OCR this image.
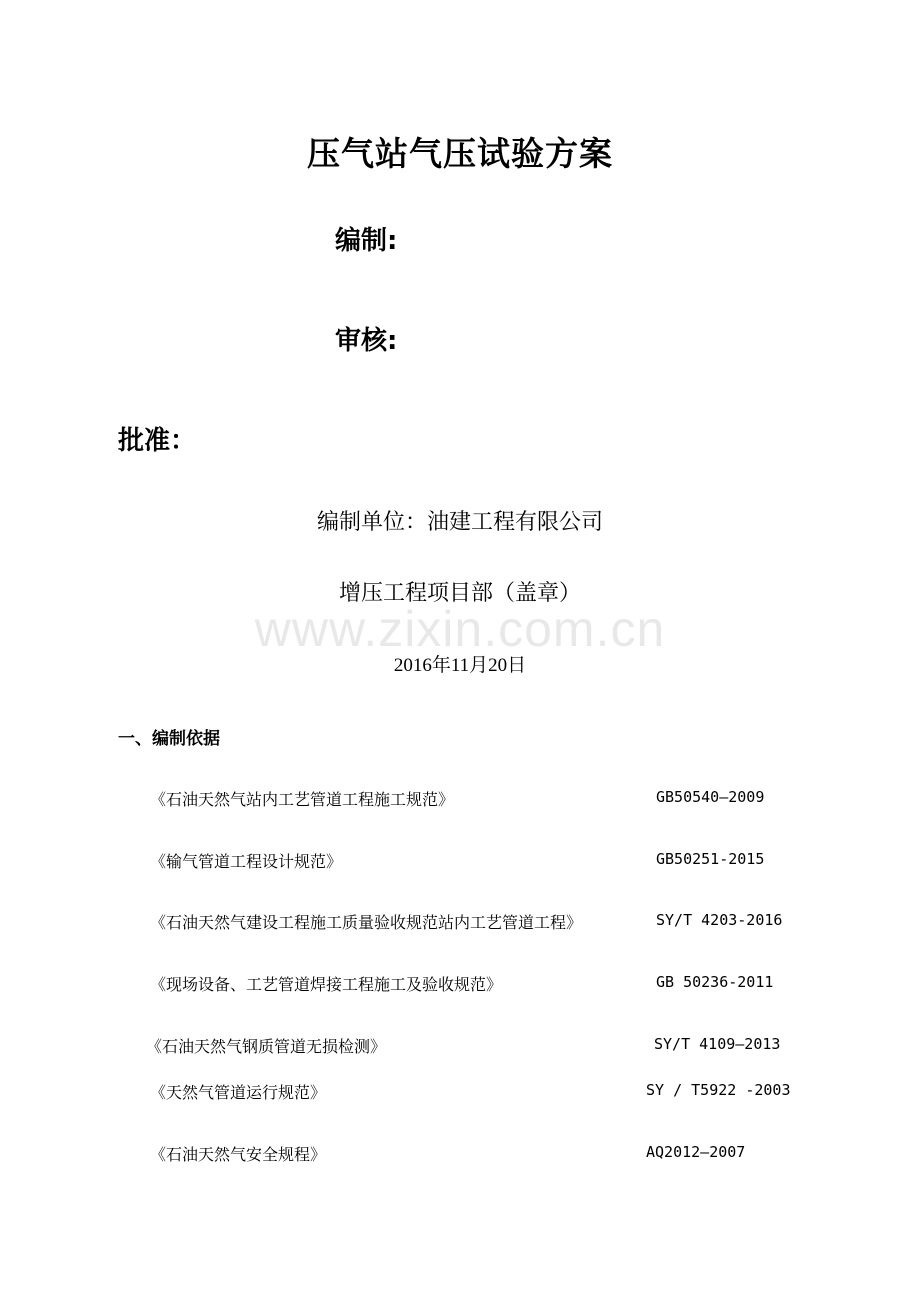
www.zixin.com.cn
压气站气压试验方案
编制:
审核:
批准：
编制单位：油建工程有限公司
增压工程项目部（盖章）
2016年11月20日
一、编制依据
《石油天然气站内工艺管道工程施工规范》	GB50540—2009
《输气管道工程设计规范》	GB50251-2015
《石油天然气建设工程施工质量验收规范站内工艺管道工程》	SY/T 4203-2016
《现场设备、工艺管道焊接工程施工及验收规范》	GB 50236-2011
《石油天然气钢质管道无损检测》	SY/T 4109—2013
《天然气管道运行规范》	SY / T5922 -2003
《石油天然气安全规程》	AQ2012—2007
